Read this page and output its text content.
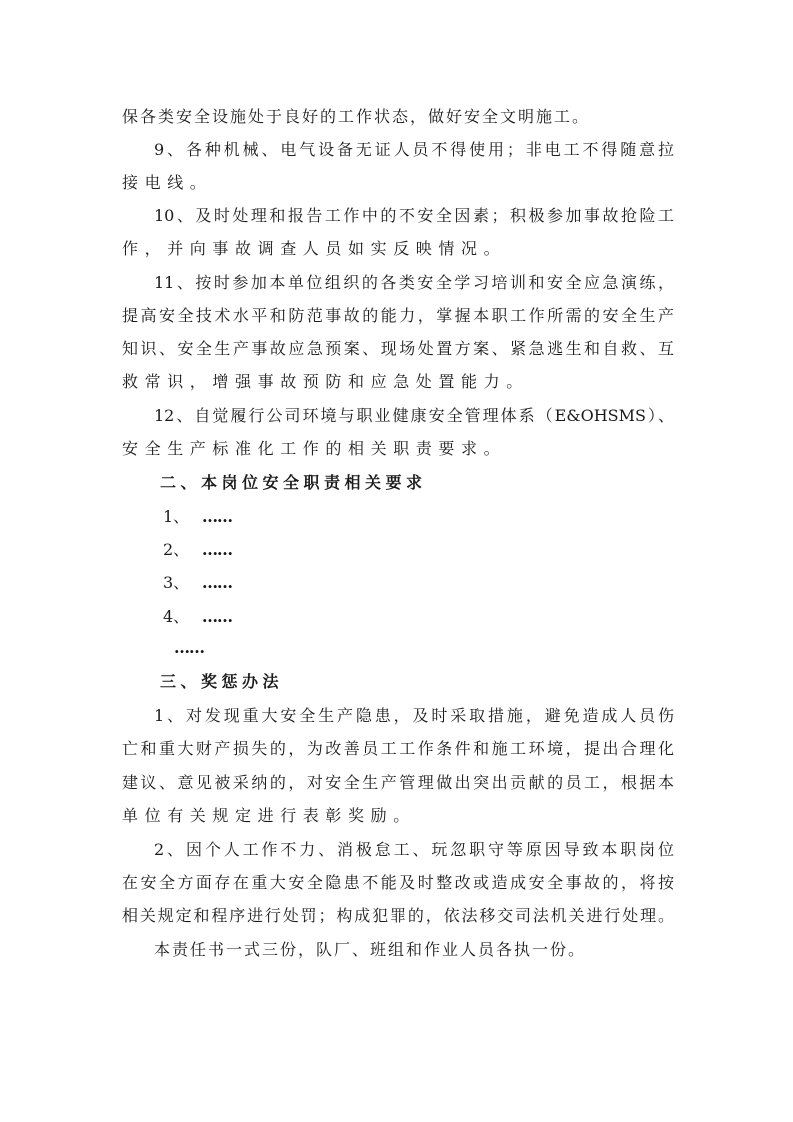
保各类安全设施处于良好的工作状态，做好安全文明施工。
9、各种机械、电气设备无证人员不得使用；非电工不得随意拉
接电线。
10、及时处理和报告工作中的不安全因素；积极参加事故抢险工
作，并向事故调查人员如实反映情况。
11、按时参加本单位组织的各类安全学习培训和安全应急演练，
提高安全技术水平和防范事故的能力，掌握本职工作所需的安全生产
知识、安全生产事故应急预案、现场处置方案、紧急逃生和自救、互
救常识，增强事故预防和应急处置能力。
12、自觉履行公司环境与职业健康安全管理体系（E&OHSMS）、
安全生产标准化工作的相关职责要求。
二、本岗位安全职责相关要求
1、 ……
2、 ……
3、 ……
4、 ……
……
三、奖惩办法
1、对发现重大安全生产隐患，及时采取措施，避免造成人员伤
亡和重大财产损失的，为改善员工工作条件和施工环境，提出合理化
建议、意见被采纳的，对安全生产管理做出突出贡献的员工，根据本
单位有关规定进行表彰奖励。
2、因个人工作不力、消极怠工、玩忽职守等原因导致本职岗位
在安全方面存在重大安全隐患不能及时整改或造成安全事故的，将按
相关规定和程序进行处罚；构成犯罪的，依法移交司法机关进行处理。
本责任书一式三份，队厂、班组和作业人员各执一份。
